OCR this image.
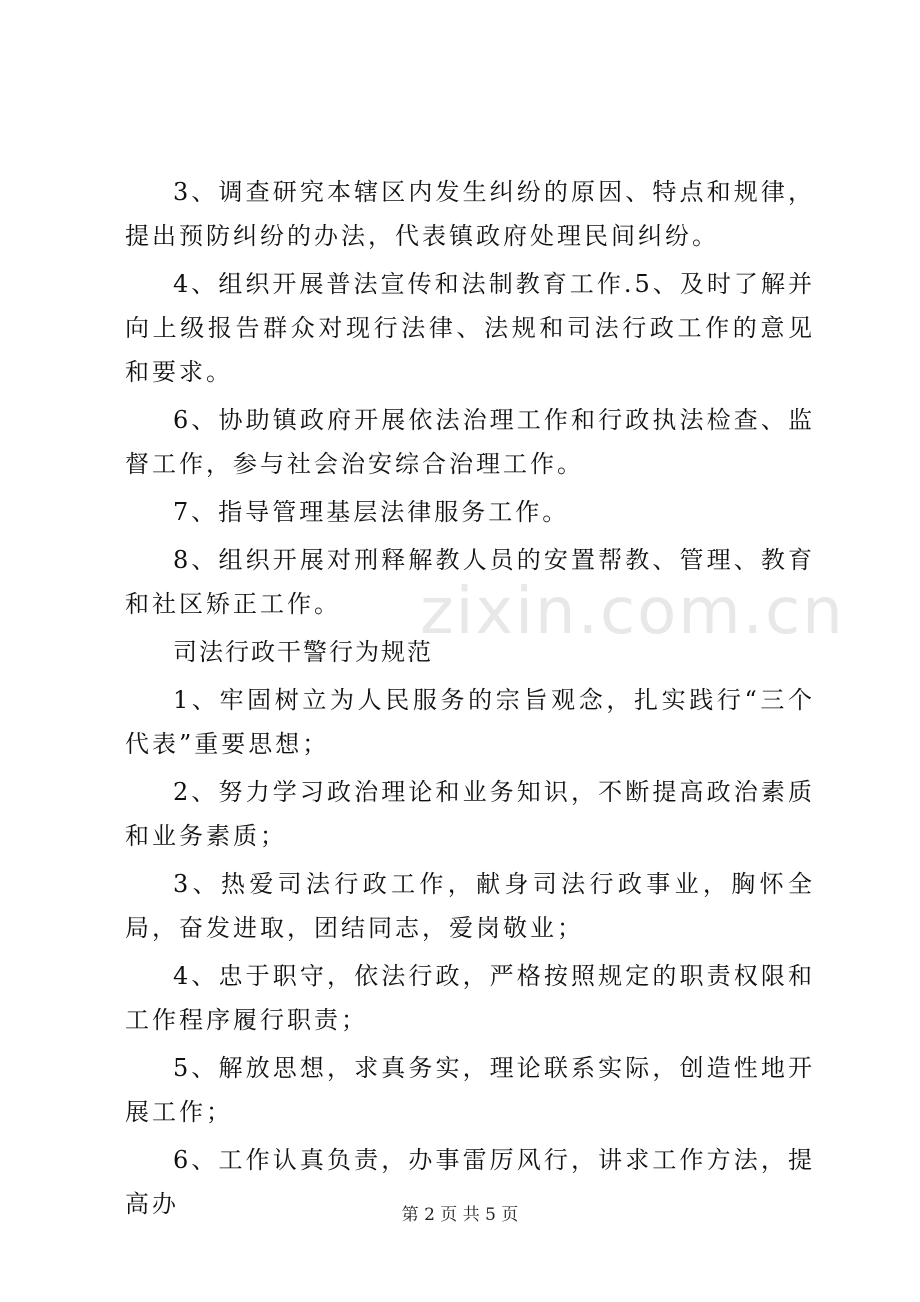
zixin.com.cn

3、调查研究本辖区内发生纠纷的原因、特点和规律，提出预防纠纷的办法，代表镇政府处理民间纠纷。

4、组织开展普法宣传和法制教育工作.5、及时了解并向上级报告群众对现行法律、法规和司法行政工作的意见和要求。

6、协助镇政府开展依法治理工作和行政执法检查、监督工作，参与社会治安综合治理工作。

7、指导管理基层法律服务工作。

8、组织开展对刑释解教人员的安置帮教、管理、教育和社区矫正工作。

司法行政干警行为规范

1、牢固树立为人民服务的宗旨观念，扎实践行“三个代表”重要思想；

2、努力学习政治理论和业务知识，不断提高政治素质和业务素质；

3、热爱司法行政工作，献身司法行政事业，胸怀全局，奋发进取，团结同志，爱岗敬业；

4、忠于职守，依法行政，严格按照规定的职责权限和工作程序履行职责；

5、解放思想，求真务实，理论联系实际，创造性地开展工作；

6、工作认真负责，办事雷厉风行，讲求工作方法，提高办	第 2 页 共 5 页
